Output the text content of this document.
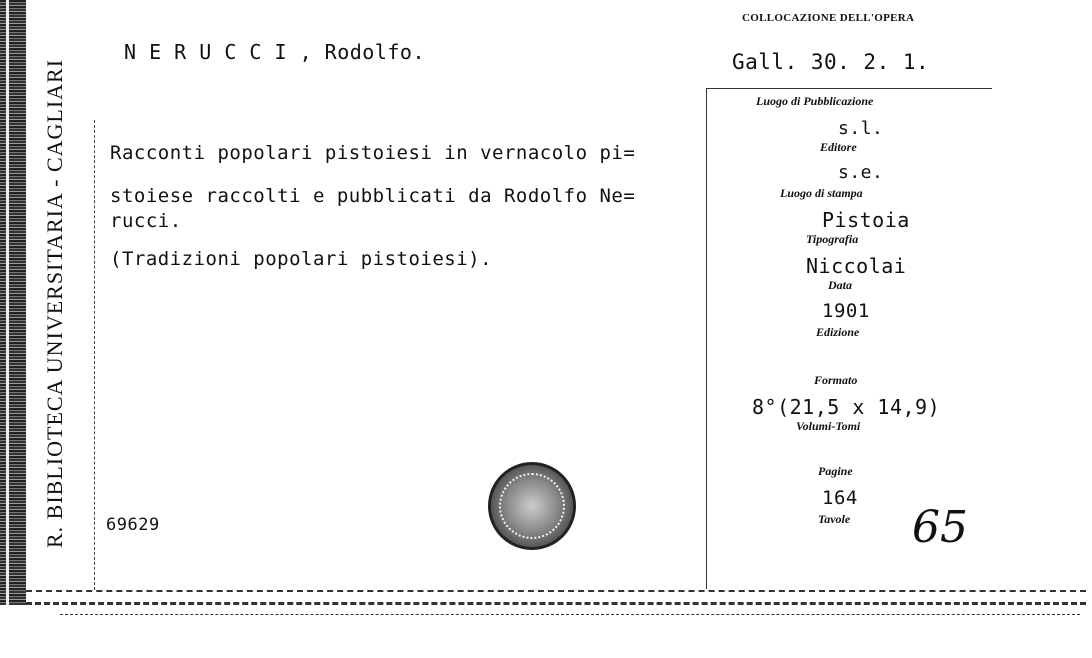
R. BIBLIOTECA UNIVERSITARIA - CAGLIARI
N E R U C C I , Rodolfo.
COLLOCAZIONE DELL'OPERA
Gall. 30. 2. 1.
Racconti popolari pistoiesi in vernacolo pi=
stoiese raccolti e pubblicati da Rodolfo Ne=
rucci.
(Tradizioni popolari pistoiesi).
69629
Luogo di Pubblicazione
s.l.
Editore
s.e.
Luogo di stampa
Pistoia
Tipografia
Niccolai
Data
1901
Edizione
Formato
8°(21,5 x 14,9)
Volumi-Tomi
Pagine
164
Tavole 65
